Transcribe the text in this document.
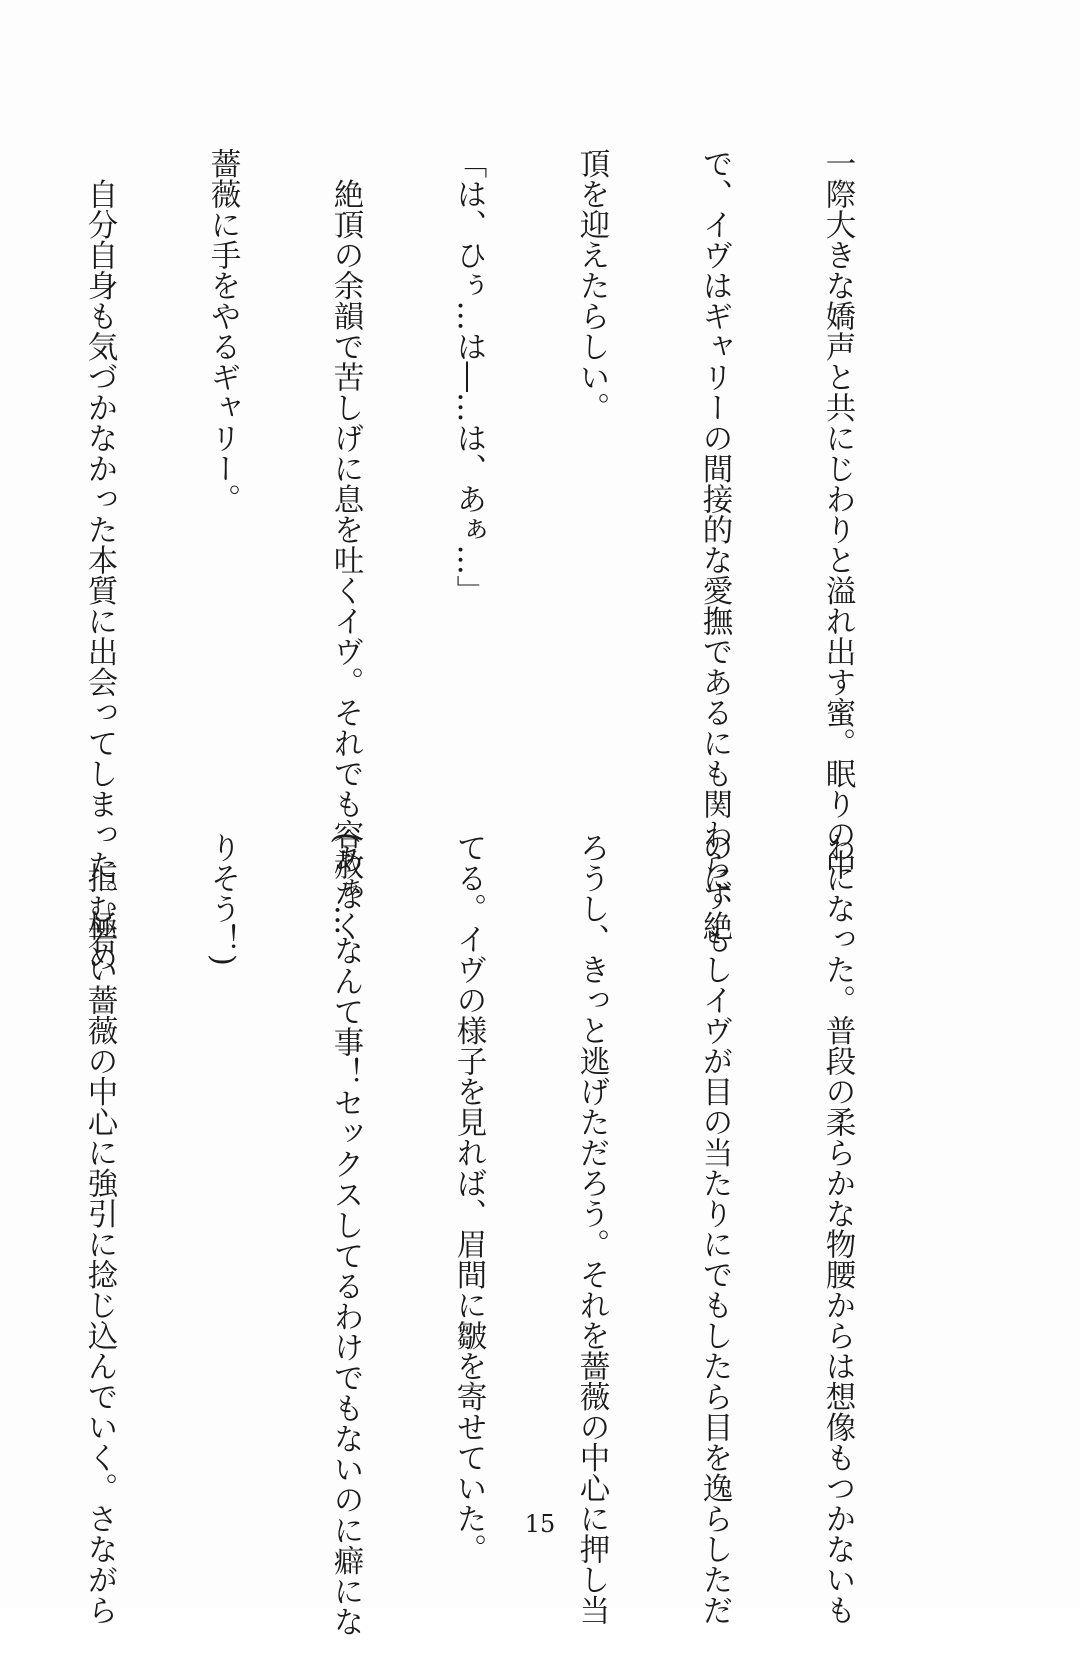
一際大きな嬌声と共にじわりと溢れ出す蜜。眠りの中

で、イヴはギャリーの間接的な愛撫であるにも関わらず絶

頂を迎えたらしい。

「は、ひぅ…は―…は、あぁ…」

　絶頂の余韻で苦しげに息を吐くイヴ。それでも容赦なく

薔薇に手をやるギャリー。

　自分自身も気づかなかった本質に出会ってしまった。極め

わになった。普段の柔らかな物腰からは想像もつかないも

のに、もしイヴが目の当たりにでもしたら目を逸らしただ

ろうし、きっと逃げただろう。それを薔薇の中心に押し当

てる。イヴの様子を見れば、眉間に皺を寄せていた。

(あぁ…なんて事！セックスしてるわけでもないのに癖にな

りそう！)

　拒む若い薔薇の中心に強引に捻じ込んでいく。さながら

	15
